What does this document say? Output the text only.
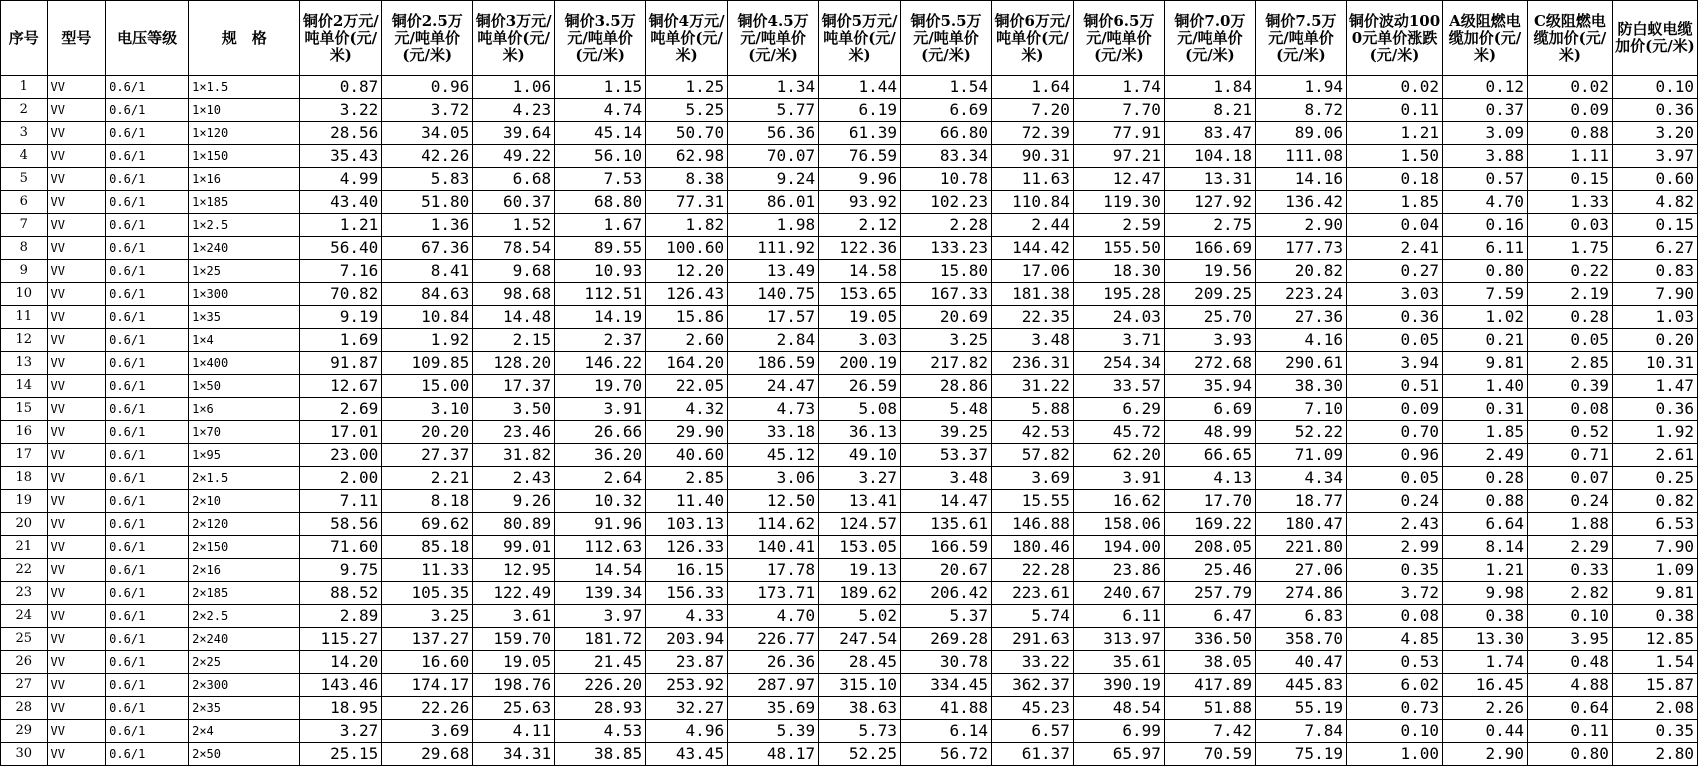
序号	型号	电压等级	规　格	铜价2万元/吨单价(元/米)	铜价2.5万元/吨单价(元/米)	铜价3万元/吨单价(元/米)	铜价3.5万元/吨单价(元/米)	铜价4万元/吨单价(元/米)	铜价4.5万元/吨单价(元/米)	铜价5万元/吨单价(元/米)	铜价5.5万元/吨单价(元/米)	铜价6万元/吨单价(元/米)	铜价6.5万元/吨单价(元/米)	铜价7.0万元/吨单价(元/米)	铜价7.5万元/吨单价(元/米)	铜价波动1000元单价涨跌(元/米)	A级阻燃电缆加价(元/米)	C级阻燃电缆加价(元/米)	防白蚁电缆加价(元/米)
1	VV	0.6/1	1×1.5	0.87	0.96	1.06	1.15	1.25	1.34	1.44	1.54	1.64	1.74	1.84	1.94	0.02	0.12	0.02	0.10
2	VV	0.6/1	1×10	3.22	3.72	4.23	4.74	5.25	5.77	6.19	6.69	7.20	7.70	8.21	8.72	0.11	0.37	0.09	0.36
3	VV	0.6/1	1×120	28.56	34.05	39.64	45.14	50.70	56.36	61.39	66.80	72.39	77.91	83.47	89.06	1.21	3.09	0.88	3.20
4	VV	0.6/1	1×150	35.43	42.26	49.22	56.10	62.98	70.07	76.59	83.34	90.31	97.21	104.18	111.08	1.50	3.88	1.11	3.97
5	VV	0.6/1	1×16	4.99	5.83	6.68	7.53	8.38	9.24	9.96	10.78	11.63	12.47	13.31	14.16	0.18	0.57	0.15	0.60
6	VV	0.6/1	1×185	43.40	51.80	60.37	68.80	77.31	86.01	93.92	102.23	110.84	119.30	127.92	136.42	1.85	4.70	1.33	4.82
7	VV	0.6/1	1×2.5	1.21	1.36	1.52	1.67	1.82	1.98	2.12	2.28	2.44	2.59	2.75	2.90	0.04	0.16	0.03	0.15
8	VV	0.6/1	1×240	56.40	67.36	78.54	89.55	100.60	111.92	122.36	133.23	144.42	155.50	166.69	177.73	2.41	6.11	1.75	6.27
9	VV	0.6/1	1×25	7.16	8.41	9.68	10.93	12.20	13.49	14.58	15.80	17.06	18.30	19.56	20.82	0.27	0.80	0.22	0.83
10	VV	0.6/1	1×300	70.82	84.63	98.68	112.51	126.43	140.75	153.65	167.33	181.38	195.28	209.25	223.24	3.03	7.59	2.19	7.90
11	VV	0.6/1	1×35	9.19	10.84	14.48	14.19	15.86	17.57	19.05	20.69	22.35	24.03	25.70	27.36	0.36	1.02	0.28	1.03
12	VV	0.6/1	1×4	1.69	1.92	2.15	2.37	2.60	2.84	3.03	3.25	3.48	3.71	3.93	4.16	0.05	0.21	0.05	0.20
13	VV	0.6/1	1×400	91.87	109.85	128.20	146.22	164.20	186.59	200.19	217.82	236.31	254.34	272.68	290.61	3.94	9.81	2.85	10.31
14	VV	0.6/1	1×50	12.67	15.00	17.37	19.70	22.05	24.47	26.59	28.86	31.22	33.57	35.94	38.30	0.51	1.40	0.39	1.47
15	VV	0.6/1	1×6	2.69	3.10	3.50	3.91	4.32	4.73	5.08	5.48	5.88	6.29	6.69	7.10	0.09	0.31	0.08	0.36
16	VV	0.6/1	1×70	17.01	20.20	23.46	26.66	29.90	33.18	36.13	39.25	42.53	45.72	48.99	52.22	0.70	1.85	0.52	1.92
17	VV	0.6/1	1×95	23.00	27.37	31.82	36.20	40.60	45.12	49.10	53.37	57.82	62.20	66.65	71.09	0.96	2.49	0.71	2.61
18	VV	0.6/1	2×1.5	2.00	2.21	2.43	2.64	2.85	3.06	3.27	3.48	3.69	3.91	4.13	4.34	0.05	0.28	0.07	0.25
19	VV	0.6/1	2×10	7.11	8.18	9.26	10.32	11.40	12.50	13.41	14.47	15.55	16.62	17.70	18.77	0.24	0.88	0.24	0.82
20	VV	0.6/1	2×120	58.56	69.62	80.89	91.96	103.13	114.62	124.57	135.61	146.88	158.06	169.22	180.47	2.43	6.64	1.88	6.53
21	VV	0.6/1	2×150	71.60	85.18	99.01	112.63	126.33	140.41	153.05	166.59	180.46	194.00	208.05	221.80	2.99	8.14	2.29	7.90
22	VV	0.6/1	2×16	9.75	11.33	12.95	14.54	16.15	17.78	19.13	20.67	22.28	23.86	25.46	27.06	0.35	1.21	0.33	1.09
23	VV	0.6/1	2×185	88.52	105.35	122.49	139.34	156.33	173.71	189.62	206.42	223.61	240.67	257.79	274.86	3.72	9.98	2.82	9.81
24	VV	0.6/1	2×2.5	2.89	3.25	3.61	3.97	4.33	4.70	5.02	5.37	5.74	6.11	6.47	6.83	0.08	0.38	0.10	0.38
25	VV	0.6/1	2×240	115.27	137.27	159.70	181.72	203.94	226.77	247.54	269.28	291.63	313.97	336.50	358.70	4.85	13.30	3.95	12.85
26	VV	0.6/1	2×25	14.20	16.60	19.05	21.45	23.87	26.36	28.45	30.78	33.22	35.61	38.05	40.47	0.53	1.74	0.48	1.54
27	VV	0.6/1	2×300	143.46	174.17	198.76	226.20	253.92	287.97	315.10	334.45	362.37	390.19	417.89	445.83	6.02	16.45	4.88	15.87
28	VV	0.6/1	2×35	18.95	22.26	25.63	28.93	32.27	35.69	38.63	41.88	45.23	48.54	51.88	55.19	0.73	2.26	0.64	2.08
29	VV	0.6/1	2×4	3.27	3.69	4.11	4.53	4.96	5.39	5.73	6.14	6.57	6.99	7.42	7.84	0.10	0.44	0.11	0.35
30	VV	0.6/1	2×50	25.15	29.68	34.31	38.85	43.45	48.17	52.25	56.72	61.37	65.97	70.59	75.19	1.00	2.90	0.80	2.80
